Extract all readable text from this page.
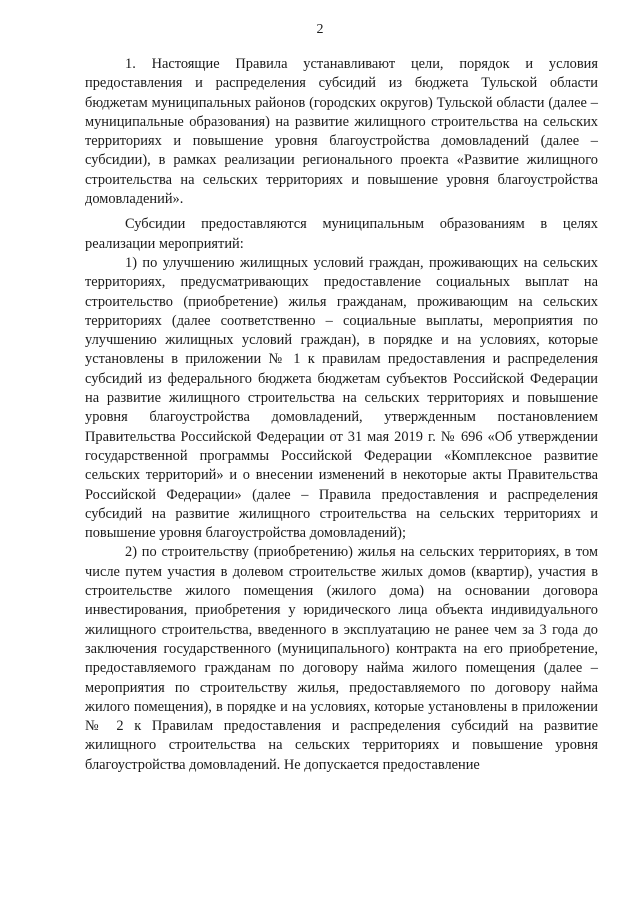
2

1. Настоящие Правила устанавливают цели, порядок и условия предоставления и распределения субсидий из бюджета Тульской области бюджетам муниципальных районов (городских округов) Тульской области (далее – муниципальные образования) на развитие жилищного строительства на сельских территориях и повышение уровня благоустройства домовладений (далее – субсидии), в рамках реализации регионального проекта «Развитие жилищного строительства на сельских территориях и повышение уровня благоустройства домовладений».

Субсидии предоставляются муниципальным образованиям в целях реализации мероприятий:

1) по улучшению жилищных условий граждан, проживающих на сельских территориях, предусматривающих предоставление социальных выплат на строительство (приобретение) жилья гражданам, проживающим на сельских территориях (далее соответственно – социальные выплаты, мероприятия по улучшению жилищных условий граждан), в порядке и на условиях, которые установлены в приложении № 1 к правилам предоставления и распределения субсидий из федерального бюджета бюджетам субъектов Российской Федерации на развитие жилищного строительства на сельских территориях и повышение уровня благоустройства домовладений, утвержденным постановлением Правительства Российской Федерации от 31 мая 2019 г. № 696 «Об утверждении государственной программы Российской Федерации «Комплексное развитие сельских территорий» и о внесении изменений в некоторые акты Правительства Российской Федерации» (далее – Правила предоставления и распределения субсидий на развитие жилищного строительства на сельских территориях и повышение уровня благоустройства домовладений);

2) по строительству (приобретению) жилья на сельских территориях, в том числе путем участия в долевом строительстве жилых домов (квартир), участия в строительстве жилого помещения (жилого дома) на основании договора инвестирования, приобретения у юридического лица объекта индивидуального жилищного строительства, введенного в эксплуатацию не ранее чем за 3 года до заключения государственного (муниципального) контракта на его приобретение, предоставляемого гражданам по договору найма жилого помещения (далее – мероприятия по строительству жилья, предоставляемого по договору найма жилого помещения), в порядке и на условиях, которые установлены в приложении № 2 к Правилам предоставления и распределения субсидий на развитие жилищного строительства на сельских территориях и повышение уровня благоустройства домовладений. Не допускается предоставление
